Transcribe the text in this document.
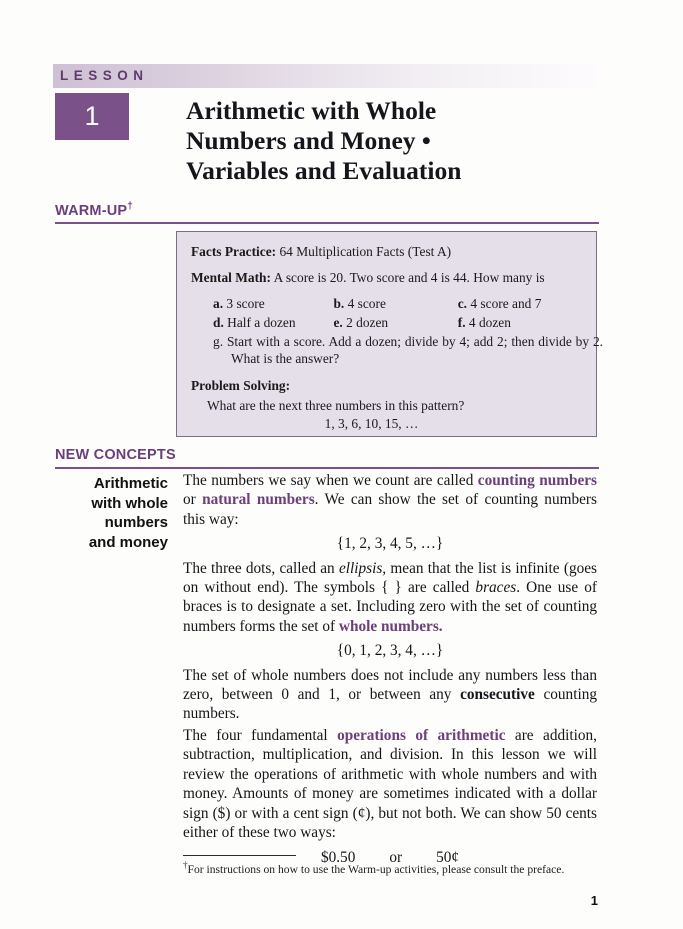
LESSON
1	Arithmetic with Whole
Numbers and Money •
Variables and Evaluation
WARM-UP†
Facts Practice: 64 Multiplication Facts (Test A)
Mental Math: A score is 20. Two score and 4 is 44. How many is
a. 3 score	b. 4 score	c. 4 score and 7
d. Half a dozen	e. 2 dozen	f. 4 dozen
g. Start with a score. Add a dozen; divide by 4; add 2; then divide by 2. What is the answer?
Problem Solving:
What are the next three numbers in this pattern?
1, 3, 6, 10, 15, …
NEW CONCEPTS
Arithmetic
with whole
numbers
and money

The numbers we say when we count are called counting numbers or natural numbers. We can show the set of counting numbers this way:

{1, 2, 3, 4, 5, …}

The three dots, called an ellipsis, mean that the list is infinite (goes on without end). The symbols { } are called braces. One use of braces is to designate a set. Including zero with the set of counting numbers forms the set of whole numbers.

{0, 1, 2, 3, 4, …}

The set of whole numbers does not include any numbers less than zero, between 0 and 1, or between any consecutive counting numbers.

The four fundamental operations of arithmetic are addition, subtraction, multiplication, and division. In this lesson we will review the operations of arithmetic with whole numbers and with money. Amounts of money are sometimes indicated with a dollar sign ($) or with a cent sign (¢), but not both. We can show 50 cents either of these two ways:

$0.50 or 50¢
†For instructions on how to use the Warm-up activities, please consult the preface.
1
